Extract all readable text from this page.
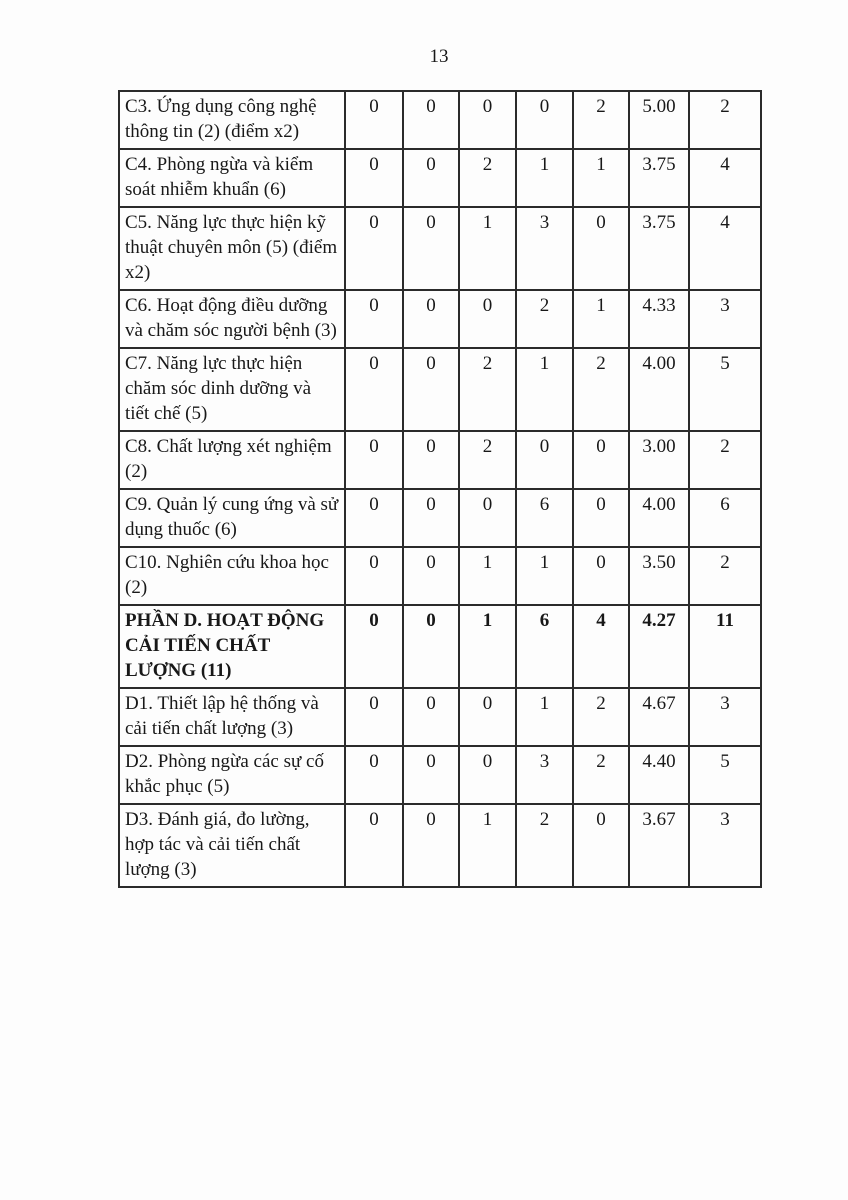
13
C3. Ứng dụng công nghệ thông tin (2) (điểm x2)	0	0	0	0	2	5.00	2
C4. Phòng ngừa và kiểm soát nhiễm khuẩn (6)	0	0	2	1	1	3.75	4
C5. Năng lực thực hiện kỹ thuật chuyên môn (5) (điểm x2)	0	0	1	3	0	3.75	4
C6. Hoạt động điều dưỡng và chăm sóc người bệnh (3)	0	0	0	2	1	4.33	3
C7. Năng lực thực hiện chăm sóc dinh dưỡng và tiết chế (5)	0	0	2	1	2	4.00	5
C8. Chất lượng xét nghiệm (2)	0	0	2	0	0	3.00	2
C9. Quản lý cung ứng và sử dụng thuốc (6)	0	0	0	6	0	4.00	6
C10. Nghiên cứu khoa học (2)	0	0	1	1	0	3.50	2
PHẦN D. HOẠT ĐỘNG CẢI TIẾN CHẤT LƯỢNG (11)	0	0	1	6	4	4.27	11
D1. Thiết lập hệ thống và cải tiến chất lượng (3)	0	0	0	1	2	4.67	3
D2. Phòng ngừa các sự cố khắc phục (5)	0	0	0	3	2	4.40	5
D3. Đánh giá, đo lường, hợp tác và cải tiến chất lượng (3)	0	0	1	2	0	3.67	3
